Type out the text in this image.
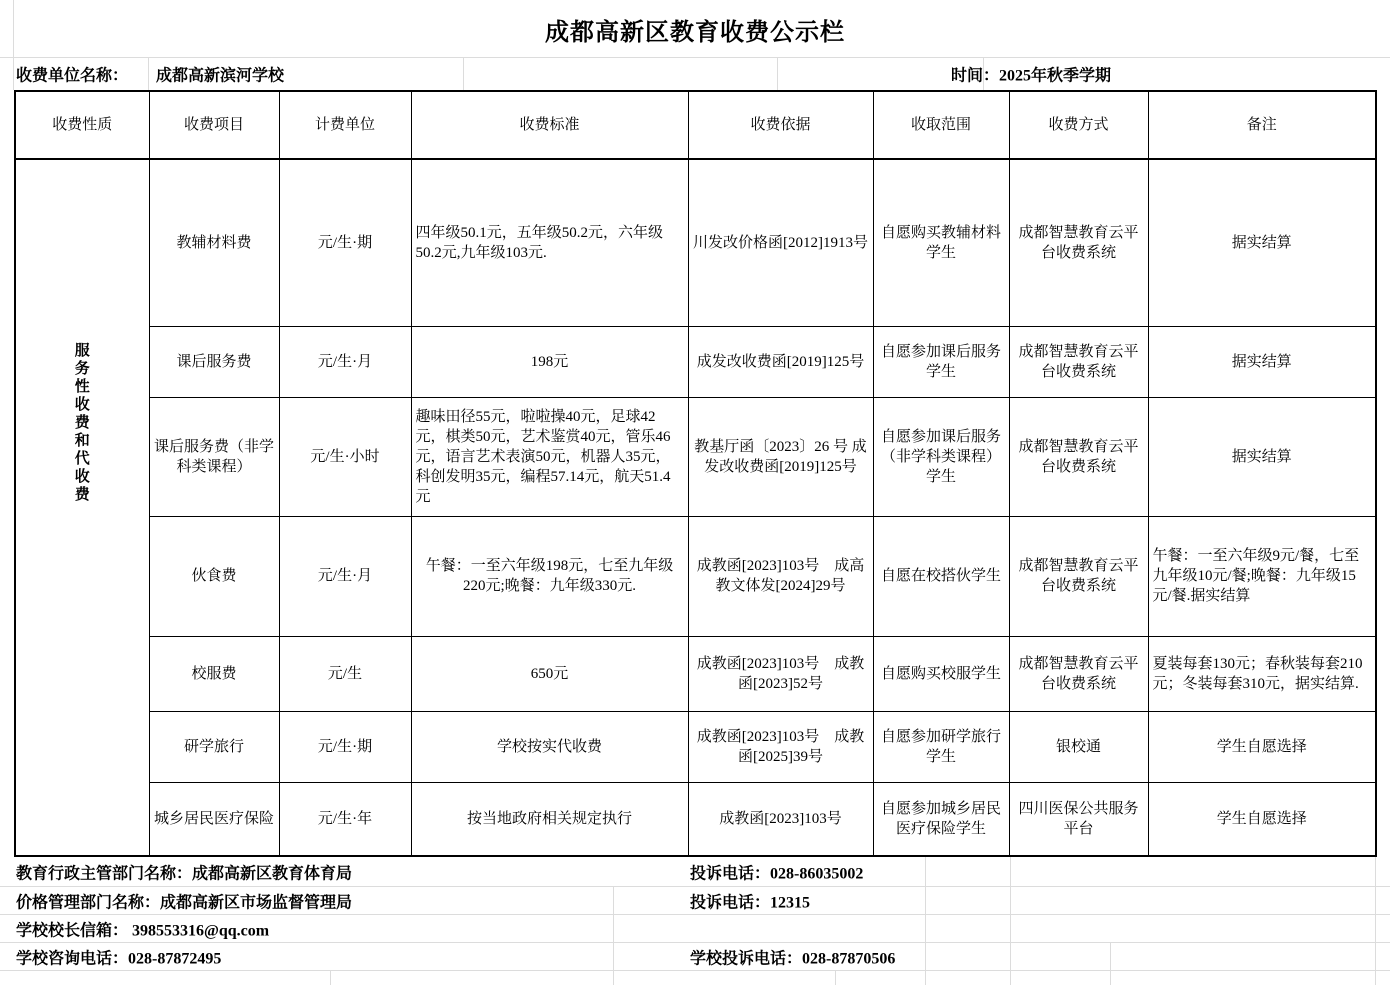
成都高新区教育收费公示栏
收费单位名称： 成都高新滨河学校	时间：2025年秋季学期
收费性质	收费项目	计费单位	收费标准	收费依据	收取范围	收费方式	备注

服务性收费和代收费	教辅材料费	元/生·期	四年级50.1元，五年级50.2元，六年级50.2元,九年级103元.	川发改价格函[2012]1913号	自愿购买教辅材料学生	成都智慧教育云平台收费系统	据实结算
	课后服务费	元/生·月	198元	成发改收费函[2019]125号	自愿参加课后服务学生	成都智慧教育云平台收费系统	据实结算
	课后服务费（非学科类课程）	元/生·小时	趣味田径55元，啦啦操40元，足球42元，棋类50元，艺术鉴赏40元，管乐46元，语言艺术表演50元，机器人35元，科创发明35元，编程57.14元，航天51.4元	教基厅函〔2023〕26 号 成发改收费函[2019]125号	自愿参加课后服务（非学科类课程）学生	成都智慧教育云平台收费系统	据实结算
	伙食费	元/生·月	午餐：一至六年级198元，七至九年级220元;晚餐：九年级330元.	成教函[2023]103号　成高教文体发[2024]29号	自愿在校搭伙学生	成都智慧教育云平台收费系统	午餐：一至六年级9元/餐，七至九年级10元/餐;晚餐：九年级15元/餐.据实结算
	校服费	元/生	650元	成教函[2023]103号　成教函[2023]52号	自愿购买校服学生	成都智慧教育云平台收费系统	夏装每套130元；春秋装每套210元；冬装每套310元，据实结算.
	研学旅行	元/生·期	学校按实代收费	成教函[2023]103号　成教函[2025]39号	自愿参加研学旅行学生	银校通	学生自愿选择
	城乡居民医疗保险	元/生·年	按当地政府相关规定执行	成教函[2023]103号	自愿参加城乡居民医疗保险学生	四川医保公共服务平台	学生自愿选择
教育行政主管部门名称：成都高新区教育体育局	投诉电话：028-86035002
价格管理部门名称：成都高新区市场监督管理局	投诉电话：12315
学校校长信箱： 398553316@qq.com
学校咨询电话：028-87872495	学校投诉电话：028-87870506
